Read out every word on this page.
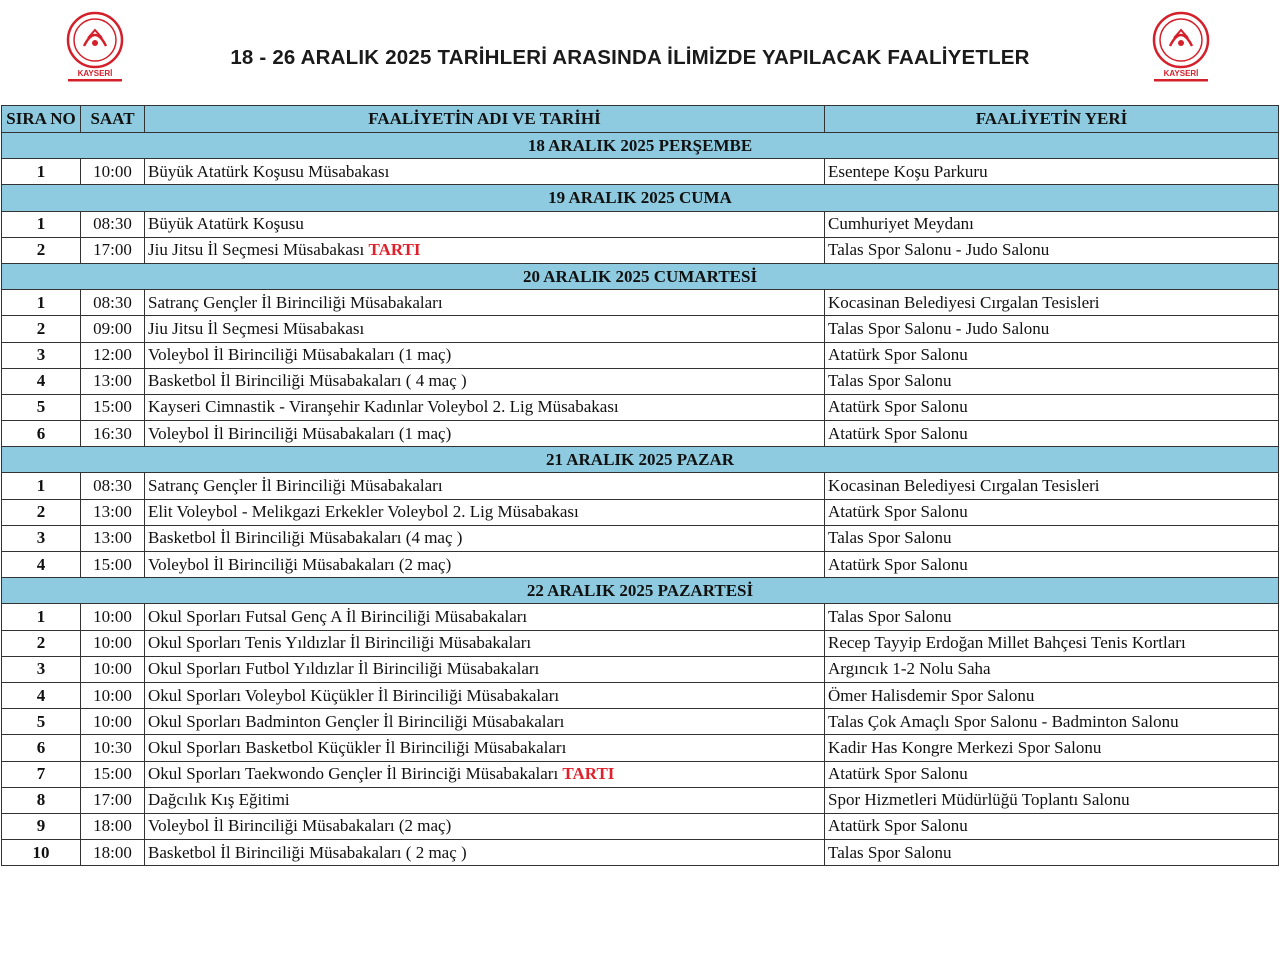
KAYSERİ	KAYSERİ
18 - 26 ARALIK 2025 TARİHLERİ ARASINDA İLİMİZDE YAPILACAK FAALİYETLER
SIRA NO	SAAT	FAALİYETİN ADI VE TARİHİ	FAALİYETİN YERİ
18 ARALIK 2025 PERŞEMBE			
1	10:00	Büyük Atatürk Koşusu Müsabakası	Esentepe Koşu Parkuru
19 ARALIK 2025 CUMA			
1	08:30	Büyük Atatürk Koşusu	Cumhuriyet Meydanı
2	17:00	Jiu Jitsu İl Seçmesi Müsabakası TARTI	Talas Spor Salonu - Judo Salonu
20 ARALIK 2025 CUMARTESİ			
1	08:30	Satranç Gençler İl Birinciliği Müsabakaları	Kocasinan Belediyesi Cırgalan Tesisleri
2	09:00	Jiu Jitsu İl Seçmesi Müsabakası	Talas Spor Salonu - Judo Salonu
3	12:00	Voleybol İl Birinciliği Müsabakaları (1 maç)	Atatürk Spor Salonu
4	13:00	Basketbol İl Birinciliği Müsabakaları ( 4 maç )	Talas Spor Salonu
5	15:00	Kayseri Cimnastik - Viranşehir Kadınlar Voleybol 2. Lig Müsabakası	Atatürk Spor Salonu
6	16:30	Voleybol İl Birinciliği Müsabakaları (1 maç)	Atatürk Spor Salonu
21 ARALIK 2025 PAZAR			
1	08:30	Satranç Gençler İl Birinciliği Müsabakaları	Kocasinan Belediyesi Cırgalan Tesisleri
2	13:00	Elit Voleybol - Melikgazi Erkekler Voleybol 2. Lig Müsabakası	Atatürk Spor Salonu
3	13:00	Basketbol İl Birinciliği Müsabakaları (4 maç )	Talas Spor Salonu
4	15:00	Voleybol İl Birinciliği Müsabakaları (2 maç)	Atatürk Spor Salonu
22 ARALIK 2025 PAZARTESİ			
1	10:00	Okul Sporları Futsal Genç A İl Birinciliği Müsabakaları	Talas Spor Salonu
2	10:00	Okul Sporları Tenis Yıldızlar İl Birinciliği Müsabakaları	Recep Tayyip Erdoğan Millet Bahçesi Tenis Kortları
3	10:00	Okul Sporları Futbol Yıldızlar İl Birinciliği Müsabakaları	Argıncık 1-2 Nolu Saha
4	10:00	Okul Sporları Voleybol Küçükler İl Birinciliği Müsabakaları	Ömer Halisdemir Spor Salonu
5	10:00	Okul Sporları Badminton Gençler İl Birinciliği Müsabakaları	Talas Çok Amaçlı Spor Salonu - Badminton Salonu
6	10:30	Okul Sporları Basketbol Küçükler İl Birinciliği Müsabakaları	Kadir Has Kongre Merkezi Spor Salonu
7	15:00	Okul Sporları Taekwondo Gençler İl Birinciği Müsabakaları TARTI	Atatürk Spor Salonu
8	17:00	Dağcılık Kış Eğitimi	Spor Hizmetleri Müdürlüğü Toplantı Salonu
9	18:00	Voleybol İl Birinciliği Müsabakaları (2 maç)	Atatürk Spor Salonu
10	18:00	Basketbol İl Birinciliği Müsabakaları ( 2 maç )	Talas Spor Salonu
